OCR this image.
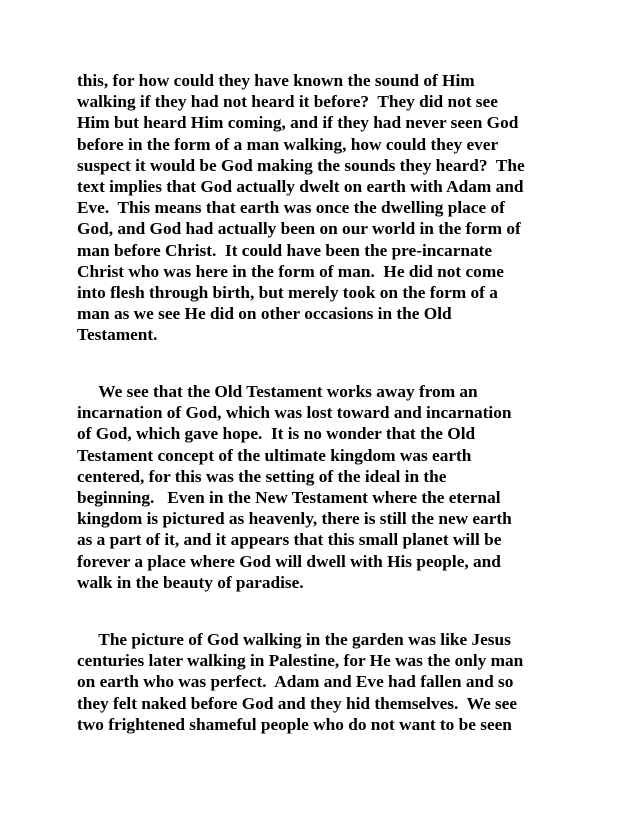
this, for how could they have known the sound of Him
walking if they had not heard it before?  They did not see
Him but heard Him coming, and if they had never seen God
before in the form of a man walking, how could they ever
suspect it would be God making the sounds they heard?  The
text implies that God actually dwelt on earth with Adam and
Eve.  This means that earth was once the dwelling place of
God, and God had actually been on our world in the form of
man before Christ.  It could have been the pre-incarnate
Christ who was here in the form of man.  He did not come
into flesh through birth, but merely took on the form of a
man as we see He did on other occasions in the Old
Testament.
We see that the Old Testament works away from an
incarnation of God, which was lost toward and incarnation
of God, which gave hope.  It is no wonder that the Old
Testament concept of the ultimate kingdom was earth
centered, for this was the setting of the ideal in the
beginning.   Even in the New Testament where the eternal
kingdom is pictured as heavenly, there is still the new earth
as a part of it, and it appears that this small planet will be
forever a place where God will dwell with His people, and
walk in the beauty of paradise.
The picture of God walking in the garden was like Jesus
centuries later walking in Palestine, for He was the only man
on earth who was perfect.  Adam and Eve had fallen and so
they felt naked before God and they hid themselves.  We see
two frightened shameful people who do not want to be seen
